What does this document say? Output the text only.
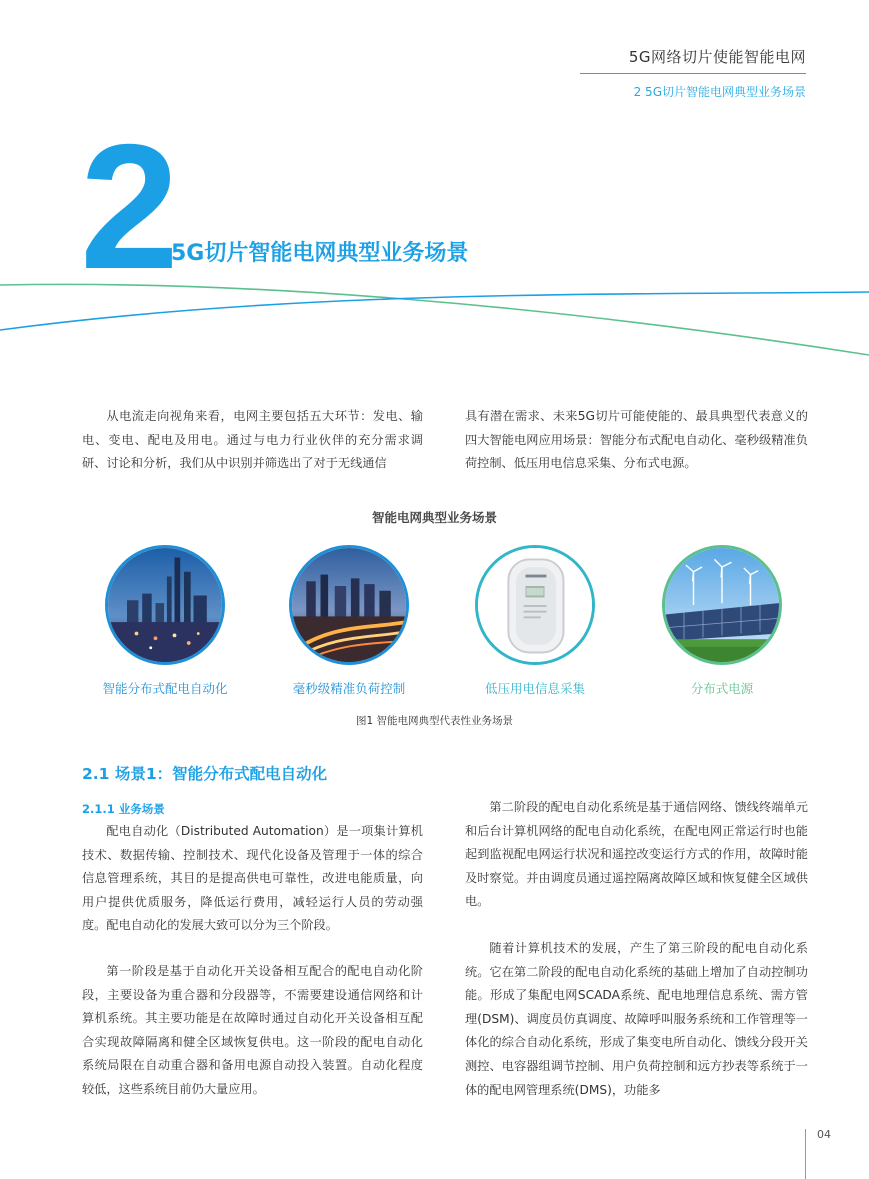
5G网络切片使能智能电网
2 5G切片智能电网典型业务场景
2
5G切片智能电网典型业务场景
从电流走向视角来看，电网主要包括五大环节：发电、输电、变电、配电及用电。通过与电力行业伙伴的充分需求调研、讨论和分析，我们从中识别并筛选出了对于无线通信
具有潜在需求、未来5G切片可能使能的、最具典型代表意义的四大智能电网应用场景：智能分布式配电自动化、毫秒级精准负荷控制、低压用电信息采集、分布式电源。
智能电网典型业务场景
智能分布式配电自动化	毫秒级精准负荷控制	低压用电信息采集	分布式电源
图1 智能电网典型代表性业务场景
2.1 场景1：智能分布式配电自动化
2.1.1 业务场景
配电自动化（Distributed Automation）是一项集计算机技术、数据传输、控制技术、现代化设备及管理于一体的综合信息管理系统，其目的是提高供电可靠性，改进电能质量，向用户提供优质服务，降低运行费用，减轻运行人员的劳动强度。配电自动化的发展大致可以分为三个阶段。
第一阶段是基于自动化开关设备相互配合的配电自动化阶段，主要设备为重合器和分段器等，不需要建设通信网络和计算机系统。其主要功能是在故障时通过自动化开关设备相互配合实现故障隔离和健全区域恢复供电。这一阶段的配电自动化系统局限在自动重合器和备用电源自动投入装置。自动化程度较低，这些系统目前仍大量应用。
第二阶段的配电自动化系统是基于通信网络、馈线终端单元和后台计算机网络的配电自动化系统，在配电网正常运行时也能起到监视配电网运行状况和遥控改变运行方式的作用，故障时能及时察觉。并由调度员通过遥控隔离故障区域和恢复健全区域供电。
随着计算机技术的发展，产生了第三阶段的配电自动化系统。它在第二阶段的配电自动化系统的基础上增加了自动控制功能。形成了集配电网SCADA系统、配电地理信息系统、需方管理(DSM)、调度员仿真调度、故障呼叫服务系统和工作管理等一体化的综合自动化系统，形成了集变电所自动化、馈线分段开关测控、电容器组调节控制、用户负荷控制和远方抄表等系统于一体的配电网管理系统(DMS)，功能多
04
